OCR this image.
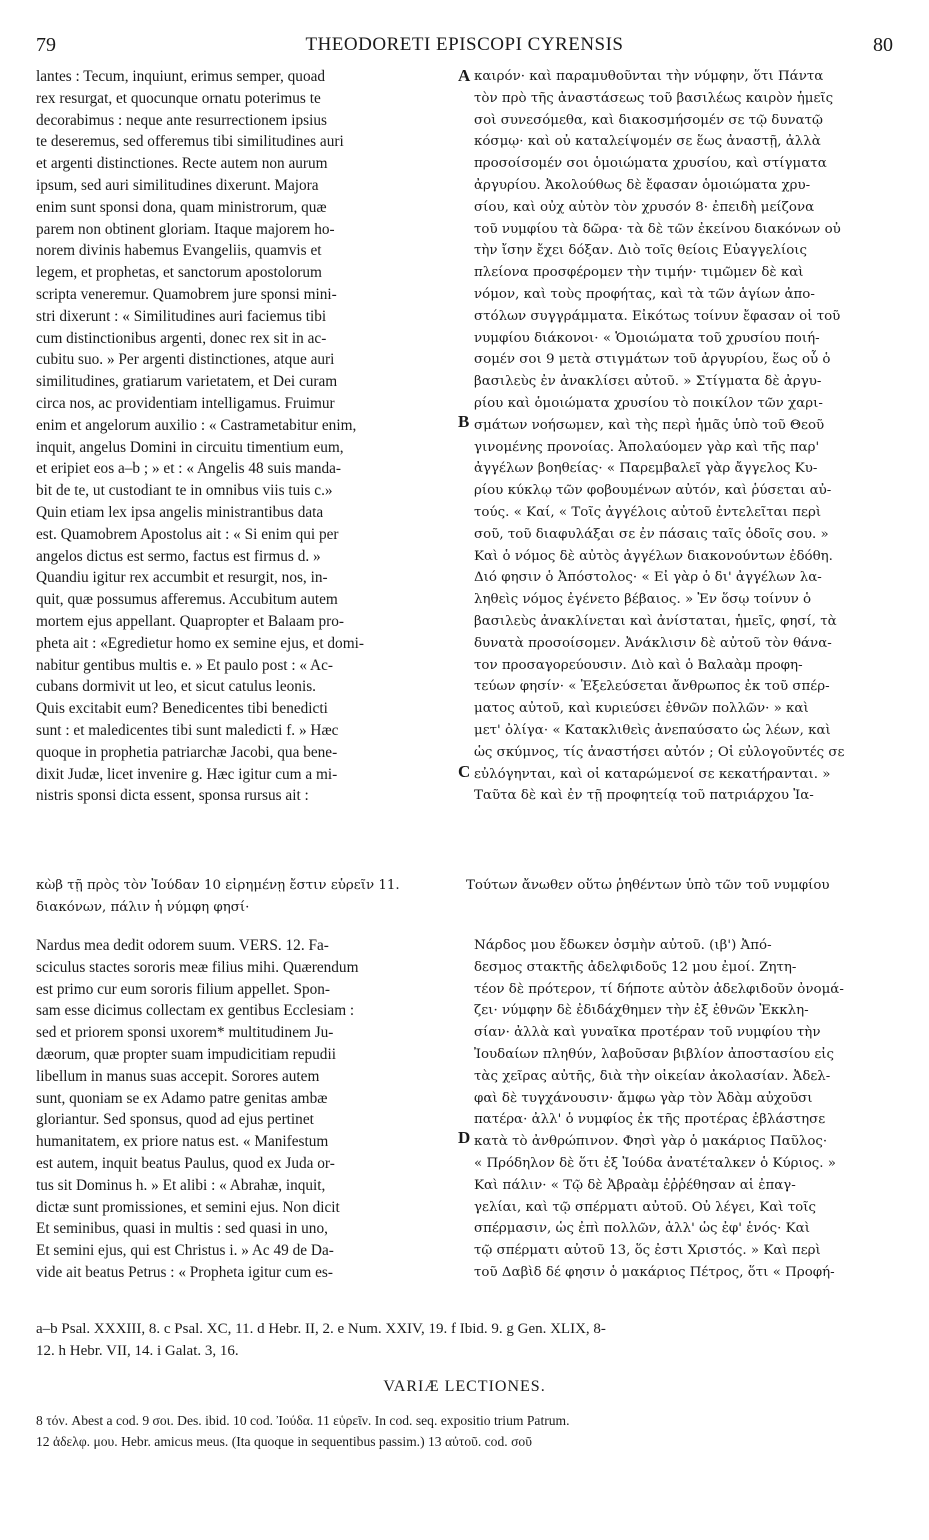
79	THEODORETI EPISCOPI CYRENSIS	80
lantes : Tecum, inquiunt, erimus semper, quoad
rex resurgat, et quocunque ornatu poterimus te
decorabimus : neque ante resurrectionem ipsius
te deseremus, sed offeremus tibi similitudines auri
et argenti distinctiones. Recte autem non aurum
ipsum, sed auri similitudines dixerunt. Majora
enim sunt sponsi dona, quam ministrorum, quæ
parem non obtinent gloriam. Itaque majorem ho-
norem divinis habemus Evangeliis, quamvis et
legem, et prophetas, et sanctorum apostolorum
scripta veneremur. Quamobrem jure sponsi mini-
stri dixerunt : « Similitudines auri faciemus tibi
cum distinctionibus argenti, donec rex sit in ac-
cubitu suo. » Per argenti distinctiones, atque auri
similitudines, gratiarum varietatem, et Dei curam
circa nos, ac providentiam intelligamus. Fruimur
enim et angelorum auxilio : « Castrametabitur enim,
inquit, angelus Domini in circuitu timentium eum,
et eripiet eos a–b ; » et : « Angelis 48 suis manda-
bit de te, ut custodiant te in omnibus viis tuis c.»
Quin etiam lex ipsa angelis ministrantibus data
est. Quamobrem Apostolus ait : « Si enim qui per
angelos dictus est sermo, factus est firmus d. »
Quandiu igitur rex accumbit et resurgit, nos, in-
quit, quæ possumus afferemus. Accubitum autem
mortem ejus appellant. Quapropter et Balaam pro-
pheta ait : «Egredietur homo ex semine ejus, et domi-
nabitur gentibus multis e. » Et paulo post : « Ac-
cubans dormivit ut leo, et sicut catulus leonis.
Quis excitabit eum? Benedicentes tibi benedicti
sunt : et maledicentes tibi sunt maledicti f. » Hæc
quoque in prophetia patriarchæ Jacobi, qua bene-
dixit Judæ, licet invenire g. Hæc igitur cum a mi-
nistris sponsi dicta essent, sponsa rursus ait :
καιρόν· καὶ παραμυθοῦνται τὴν νύμφην, ὅτι Πάντα
τὸν πρὸ τῆς ἀναστάσεως τοῦ βασιλέως καιρὸν ἡμεῖς
σοὶ συνεσόμεθα, καὶ διακοσμήσομέν σε τῷ δυνατῷ
κόσμῳ· καὶ οὐ καταλείψομέν σε ἕως ἀναστῇ, ἀλλὰ
προσοίσομέν σοι ὁμοιώματα χρυσίου, καὶ στίγματα
ἀργυρίου. Ἀκολούθως δὲ ἔφασαν ὁμοιώματα χρυ-
σίου, καὶ οὐχ αὐτὸν τὸν χρυσόν 8· ἐπειδὴ μείζονα
τοῦ νυμφίου τὰ δῶρα· τὰ δὲ τῶν ἐκείνου διακόνων οὐ
τὴν ἴσην ἔχει δόξαν. Διὸ τοῖς θείοις Εὐαγγελίοις
πλείονα προσφέρομεν τὴν τιμήν· τιμῶμεν δὲ καὶ
νόμον, καὶ τοὺς προφήτας, καὶ τὰ τῶν ἁγίων ἀπο-
στόλων συγγράμματα. Εἰκότως τοίνυν ἔφασαν οἱ τοῦ
νυμφίου διάκονοι· « Ὁμοιώματα τοῦ χρυσίου ποιή-
σομέν σοι 9 μετὰ στιγμάτων τοῦ ἀργυρίου, ἕως οὗ ὁ
βασιλεὺς ἐν ἀνακλίσει αὐτοῦ. » Στίγματα δὲ ἀργυ-
ρίου καὶ ὁμοιώματα χρυσίου τὸ ποικίλον τῶν χαρι-
σμάτων νοήσωμεν, καὶ τὴς περὶ ἡμᾶς ὑπὸ τοῦ Θεοῦ
γινομένης προνοίας. Ἀπολαύομεν γὰρ καὶ τῆς παρ'
ἀγγέλων βοηθείας· « Παρεμβαλεῖ γὰρ ἄγγελος Κυ-
ρίου κύκλῳ τῶν φοβουμένων αὐτόν, καὶ ῥύσεται αὐ-
τούς. « Καί, « Τοῖς ἀγγέλοις αὐτοῦ ἐντελεῖται περὶ
σοῦ, τοῦ διαφυλάξαι σε ἐν πάσαις ταῖς ὁδοῖς σου. »
Καὶ ὁ νόμος δὲ αὐτὸς ἀγγέλων διακονούντων ἐδόθη.
Διό φησιν ὁ Ἀπόστολος· « Εἰ γὰρ ὁ δι' ἀγγέλων λα-
ληθεὶς νόμος ἐγένετο βέβαιος. » Ἐν ὅσῳ τοίνυν ὁ
βασιλεὺς ἀνακλίνεται καὶ ἀνίσταται, ἡμεῖς, φησί, τὰ
δυνατὰ προσοίσομεν. Ἀνάκλισιν δὲ αὐτοῦ τὸν θάνα-
τον προσαγορεύουσιν. Διὸ καὶ ὁ Βαλαὰμ προφη-
τεύων φησίν· « Ἐξελεύσεται ἄνθρωπος ἐκ τοῦ σπέρ-
ματος αὐτοῦ, καὶ κυριεύσει ἐθνῶν πολλῶν· » καὶ
μετ' ὀλίγα· « Κατακλιθεὶς ἀνεπαύσατο ὡς λέων, καὶ
ὡς σκύμνος, τίς ἀναστήσει αὐτόν ; Οἱ εὐλογοῦντές σε
εὐλόγηνται, καὶ οἱ καταρώμενοί σε κεκατήρανται. »
Ταῦτα δὲ καὶ ἐν τῇ προφητείᾳ τοῦ πατριάρχου Ἰα-
A
B
C
D
κὼβ τῇ πρὸς τὸν Ἰούδαν 10 εἰρημένῃ ἔστιν εὑρεῖν 11.	Τούτων ἄνωθεν οὕτω ῥηθέντων ὑπὸ τῶν τοῦ νυμφίου
διακόνων, πάλιν ἡ νύμφη φησί·
Nardus mea dedit odorem suum. VERS. 12. Fa-
sciculus stactes sororis meæ filius mihi. Quærendum
est primo cur eum sororis filium appellet. Spon-
sam esse dicimus collectam ex gentibus Ecclesiam :
sed et priorem sponsi uxorem* multitudinem Ju-
dæorum, quæ propter suam impudicitiam repudii
libellum in manus suas accepit. Sorores autem
sunt, quoniam se ex Adamo patre genitas ambæ
gloriantur. Sed sponsus, quod ad ejus pertinet
humanitatem, ex priore natus est. « Manifestum
est autem, inquit beatus Paulus, quod ex Juda or-
tus sit Dominus h. » Et alibi : « Abrahæ, inquit,
dictæ sunt promissiones, et semini ejus. Non dicit
Et seminibus, quasi in multis : sed quasi in uno,
Et semini ejus, qui est Christus i. » Ac 49 de Da-
vide ait beatus Petrus : « Propheta igitur cum es-
Νάρδος μου ἔδωκεν ὀσμὴν αὐτοῦ. (ιβ') Ἀπό-
δεσμος στακτῆς ἀδελφιδοῦς 12 μου ἐμοί. Ζητη-
τέον δὲ πρότερον, τί δήποτε αὐτὸν ἀδελφιδοῦν ὀνομά-
ζει· νύμφην δὲ ἐδιδάχθημεν τὴν ἐξ ἐθνῶν Ἐκκλη-
σίαν· ἀλλὰ καὶ γυναῖκα προτέραν τοῦ νυμφίου τὴν
Ἰουδαίων πληθύν, λαβοῦσαν βιβλίον ἀποστασίου εἰς
τὰς χεῖρας αὐτῆς, διὰ τὴν οἰκείαν ἀκολασίαν. Ἀδελ-
φαὶ δὲ τυγχάνουσιν· ἄμφω γὰρ τὸν Ἀδὰμ αὐχοῦσι
πατέρα· ἀλλ' ὁ νυμφίος ἐκ τῆς προτέρας ἐβλάστησε
κατὰ τὸ ἀνθρώπινον. Φησὶ γὰρ ὁ μακάριος Παῦλος·
« Πρόδηλον δὲ ὅτι ἐξ Ἰούδα ἀνατέταλκεν ὁ Κύριος. »
Καὶ πάλιν· « Τῷ δὲ Ἀβραὰμ ἐῤῥέθησαν αἱ ἐπαγ-
γελίαι, καὶ τῷ σπέρματι αὐτοῦ. Οὐ λέγει, Καὶ τοῖς
σπέρμασιν, ὡς ἐπὶ πολλῶν, ἀλλ' ὡς ἐφ' ἑνός· Καὶ
τῷ σπέρματι αὐτοῦ 13, ὅς ἐστι Χριστός. » Καὶ περὶ
τοῦ Δαβὶδ δέ φησιν ὁ μακάριος Πέτρος, ὅτι « Προφή-
a–b Psal. XXXIII, 8. c Psal. XC, 11. d Hebr. II, 2. e Num. XXIV, 19. f Ibid. 9. g Gen. XLIX, 8-
12. h Hebr. VII, 14. i Galat. 3, 16.
VARIÆ LECTIONES.
8 τόν. Abest a cod. 9 σοι. Des. ibid. 10 cod. Ἰούδα. 11 εὑρεῖν. In cod. seq. expositio trium Patrum.
12 ἀδελφ. μου. Hebr. amicus meus. (Ita quoque in sequentibus passim.) 13 αὐτοῦ. cod. σοῦ
